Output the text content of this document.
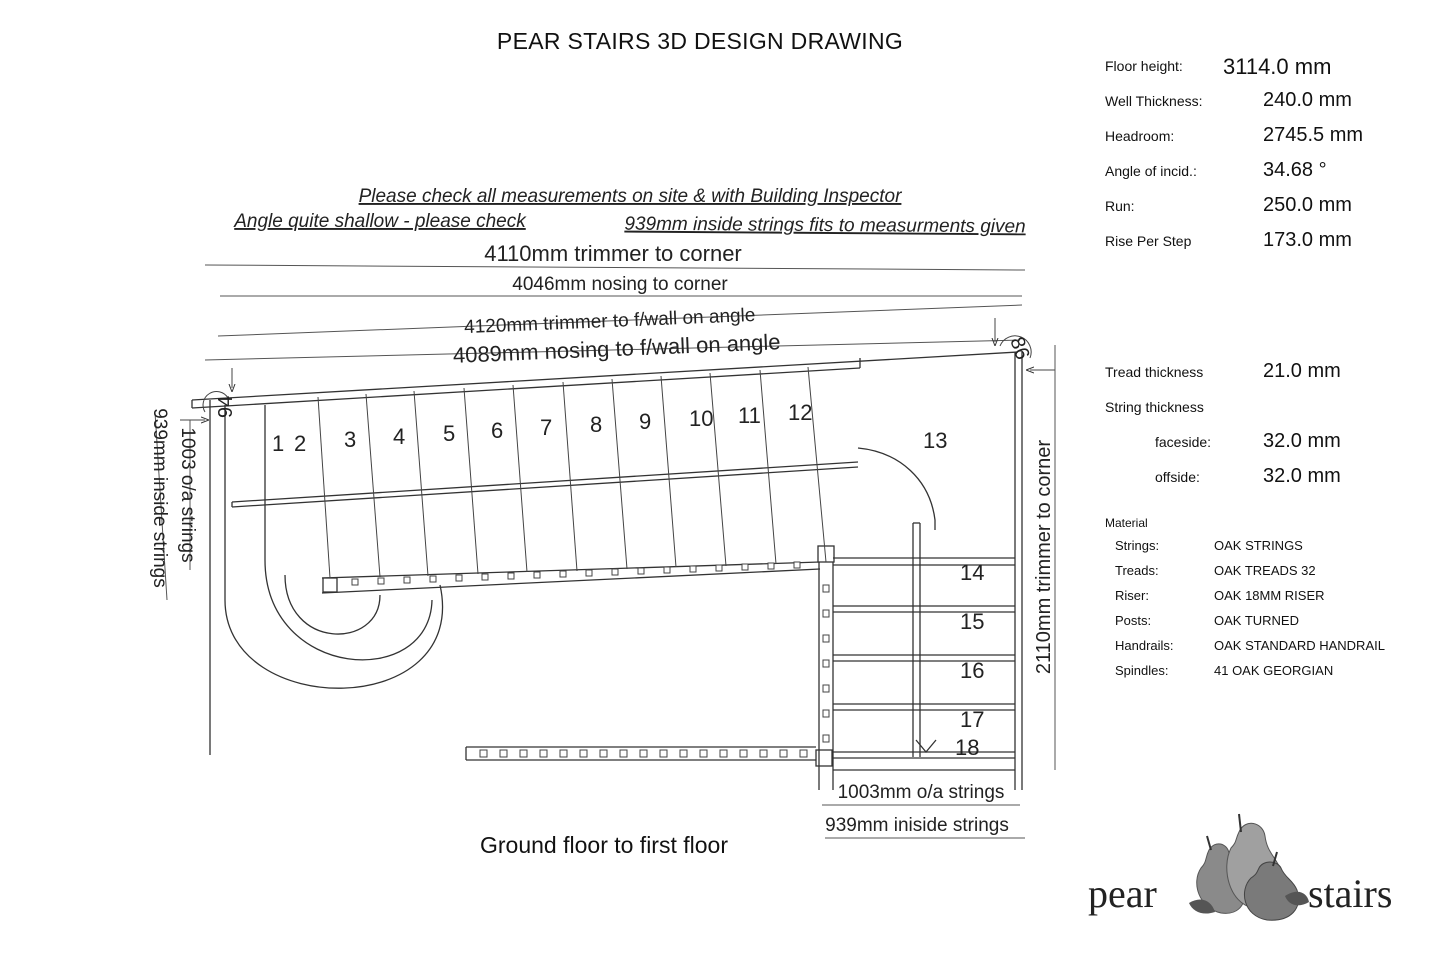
PEAR STAIRS 3D DESIGN DRAWING
Please check all measurements on site & with Building Inspector
Angle quite shallow - please check	939mm inside strings fits to measurments given
4110mm trimmer to corner
4046mm nosing to corner
4120mm trimmer to f/wall on angle
4089mm nosing to f/wall on angle
1 2 3 4 5 6 7 8 9 10 11 12
13
14
15
16
17
18
94
86
1003 o/a strings
939mm inside strings	2110mm trimmer to corner
1003mm o/a strings
939mm iniside strings
Ground floor to first floor
Floor height: 3114.0 mm
Well Thickness:	240.0 mm
Headroom:	2745.5 mm
Angle of incid.:	34.68 °
Run:	250.0 mm
Rise Per Step	173.0 mm
Tread thickness	21.0 mm
String thickness
faceside:	32.0 mm
offside:	32.0 mm
Material
Strings:	OAK STRINGS
Treads:	OAK TREADS 32
Riser:	OAK 18MM RISER
Posts:	OAK TURNED
Handrails:	OAK STANDARD HANDRAIL
Spindles:	41 OAK GEORGIAN
pear	stairs
